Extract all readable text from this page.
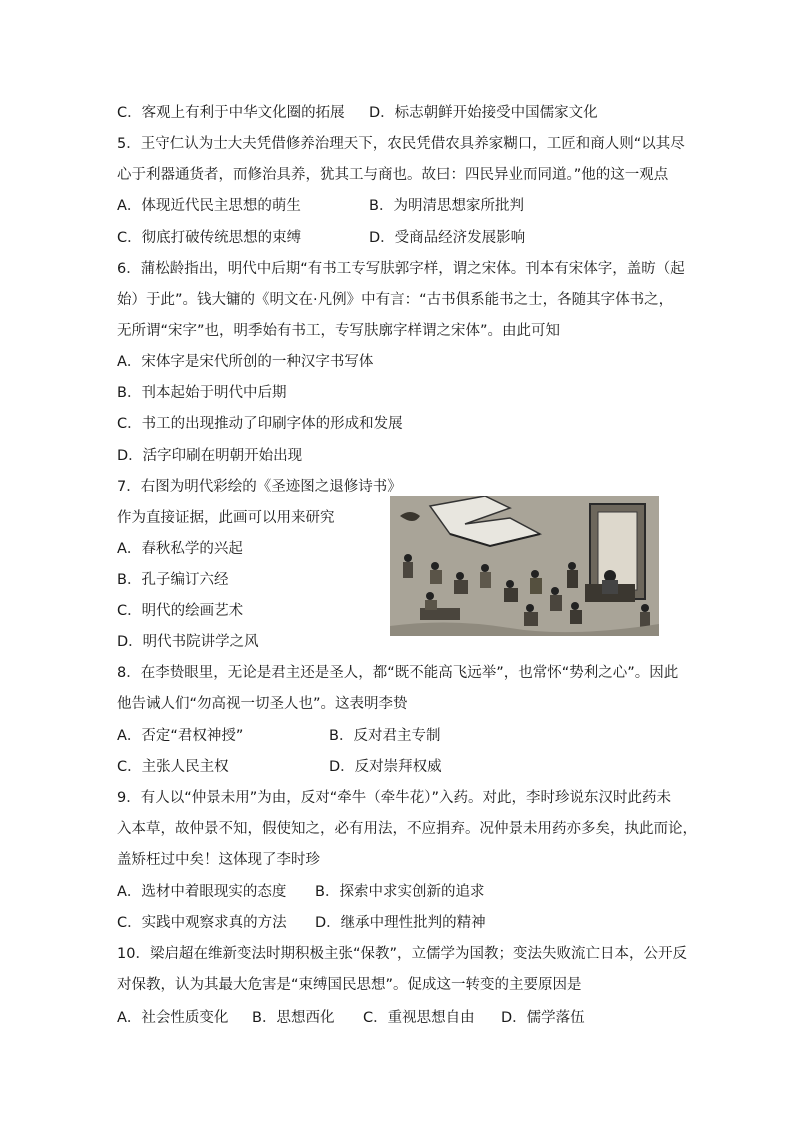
C．客观上有利于中华文化圈的拓展 D．标志朝鲜开始接受中国儒家文化
5．王守仁认为士大夫凭借修养治理天下，农民凭借农具养家糊口，工匠和商人则“以其尽
心于利器通货者，而修治具养，犹其工与商也。故曰：四民异业而同道。”他的这一观点
A．体现近代民主思想的萌生	B．为明清思想家所批判
C．彻底打破传统思想的束缚	D．受商品经济发展影响
6．蒲松龄指出，明代中后期“有书工专写肤郭字样，谓之宋体。刊本有宋体字，盖昉（起
始）于此”。钱大镛的《明文在·凡例》中有言：“古书俱系能书之士，各随其字体书之，
无所谓“宋字”也，明季始有书工，专写肤廓字样谓之宋体”。由此可知
A．宋体字是宋代所创的一种汉字书写体
B．刊本起始于明代中后期
C．书工的出现推动了印刷字体的形成和发展
D．活字印刷在明朝开始出现
7．右图为明代彩绘的《圣迹图之退修诗书》
作为直接证据，此画可以用来研究
A．春秋私学的兴起
B．孔子编订六经
C．明代的绘画艺术
D．明代书院讲学之风
8．在李贽眼里，无论是君主还是圣人，都“既不能高飞远举”，也常怀“势利之心”。因此
他告诫人们“勿高视一切圣人也”。这表明李贽
A．否定“君权神授”	B．反对君主专制
C．主张人民主权	D．反对崇拜权威
9．有人以“仲景未用”为由，反对“牵牛（牵牛花）”入药。对此，李时珍说东汉时此药未
入本草，故仲景不知，假使知之，必有用法，不应捐弃。况仲景未用药亦多矣，执此而论，
盖矫枉过中矣！这体现了李时珍
A．选材中着眼现实的态度 B．探索中求实创新的追求
C．实践中观察求真的方法 D．继承中理性批判的精神
10．梁启超在维新变法时期积极主张“保教”，立儒学为国教；变法失败流亡日本，公开反
对保教，认为其最大危害是“束缚国民思想”。促成这一转变的主要原因是
A．社会性质变化 B．思想西化 C．重视思想自由 D．儒学落伍
